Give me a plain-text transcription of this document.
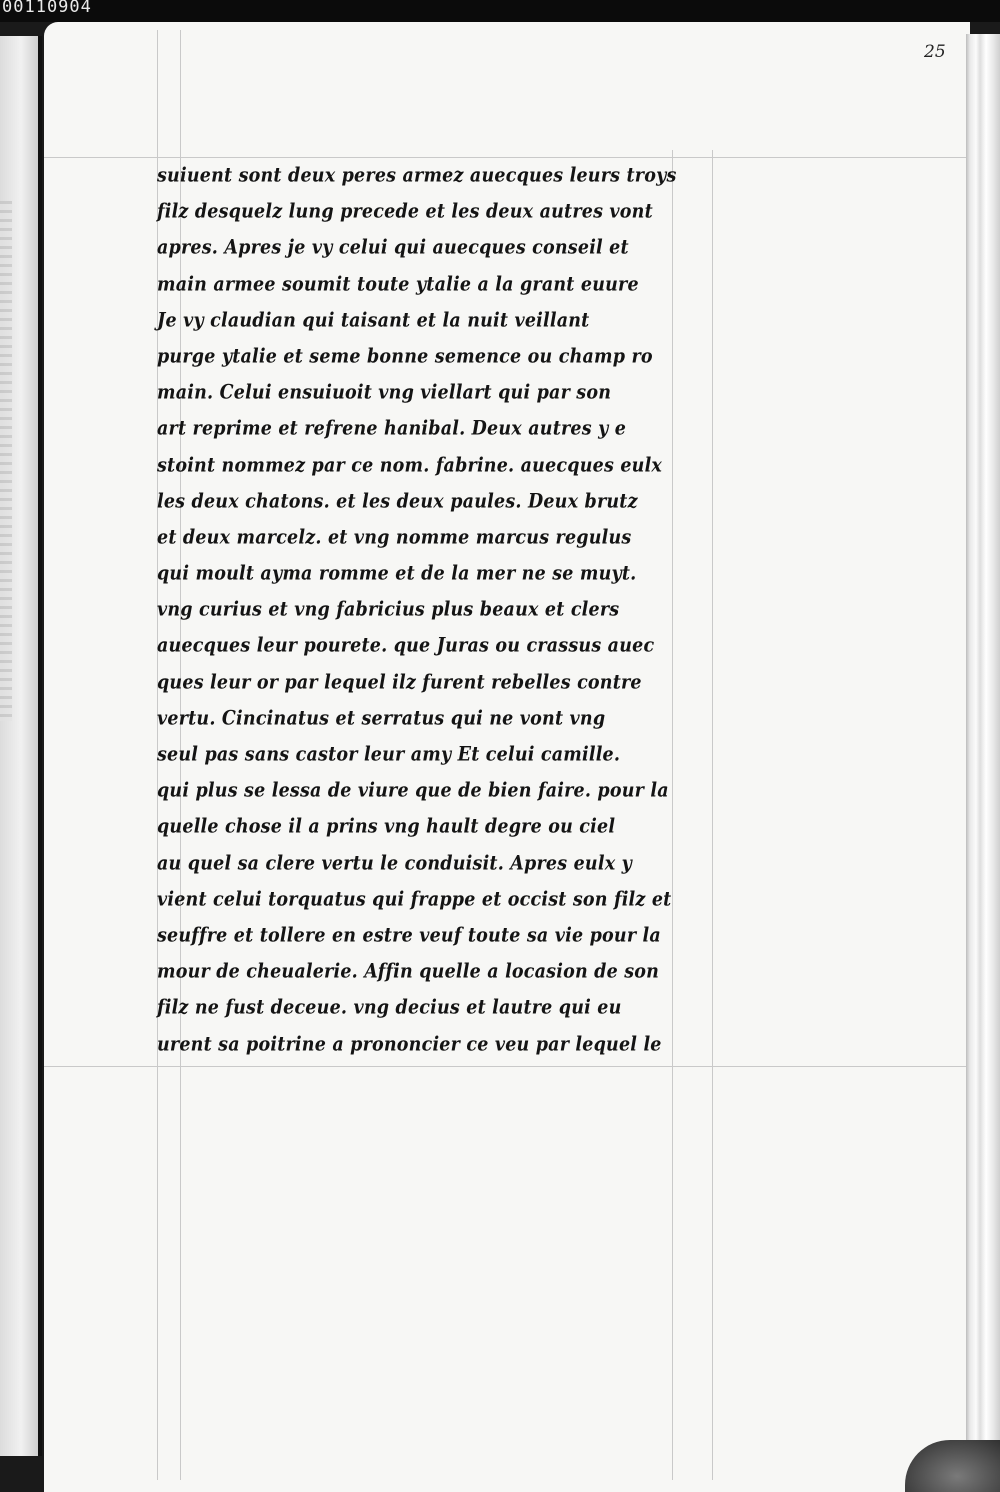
00110904
25
suiuent sont deux peres armez auecques leurs troys
filz desquelz lung precede et les deux autres vont
apres. Apres je vy celui qui auecques conseil et
main armee soumit toute ytalie a la grant euure
Je vy claudian qui taisant et la nuit veillant
purge ytalie et seme bonne semence ou champ ro
main. Celui ensuiuoit vng viellart qui par son
art reprime et refrene hanibal. Deux autres y e
stoint nommez par ce nom. fabrine. auecques eulx
les deux chatons. et les deux paules. Deux brutz
et deux marcelz. et vng nomme marcus regulus
qui moult ayma romme et de la mer ne se muyt.
vng curius et vng fabricius plus beaux et clers
auecques leur pourete. que Juras ou crassus auec
ques leur or par lequel ilz furent rebelles contre
vertu. Cincinatus et serratus qui ne vont vng
seul pas sans castor leur amy Et celui camille.
qui plus se lessa de viure que de bien faire. pour la
quelle chose il a prins vng hault degre ou ciel
au quel sa clere vertu le conduisit. Apres eulx y
vient celui torquatus qui frappe et occist son filz et
seuffre et tollere en estre veuf toute sa vie pour la
mour de cheualerie. Affin quelle a locasion de son
filz ne fust deceue. vng decius et lautre qui eu
urent sa poitrine a prononcier ce veu par lequel le
